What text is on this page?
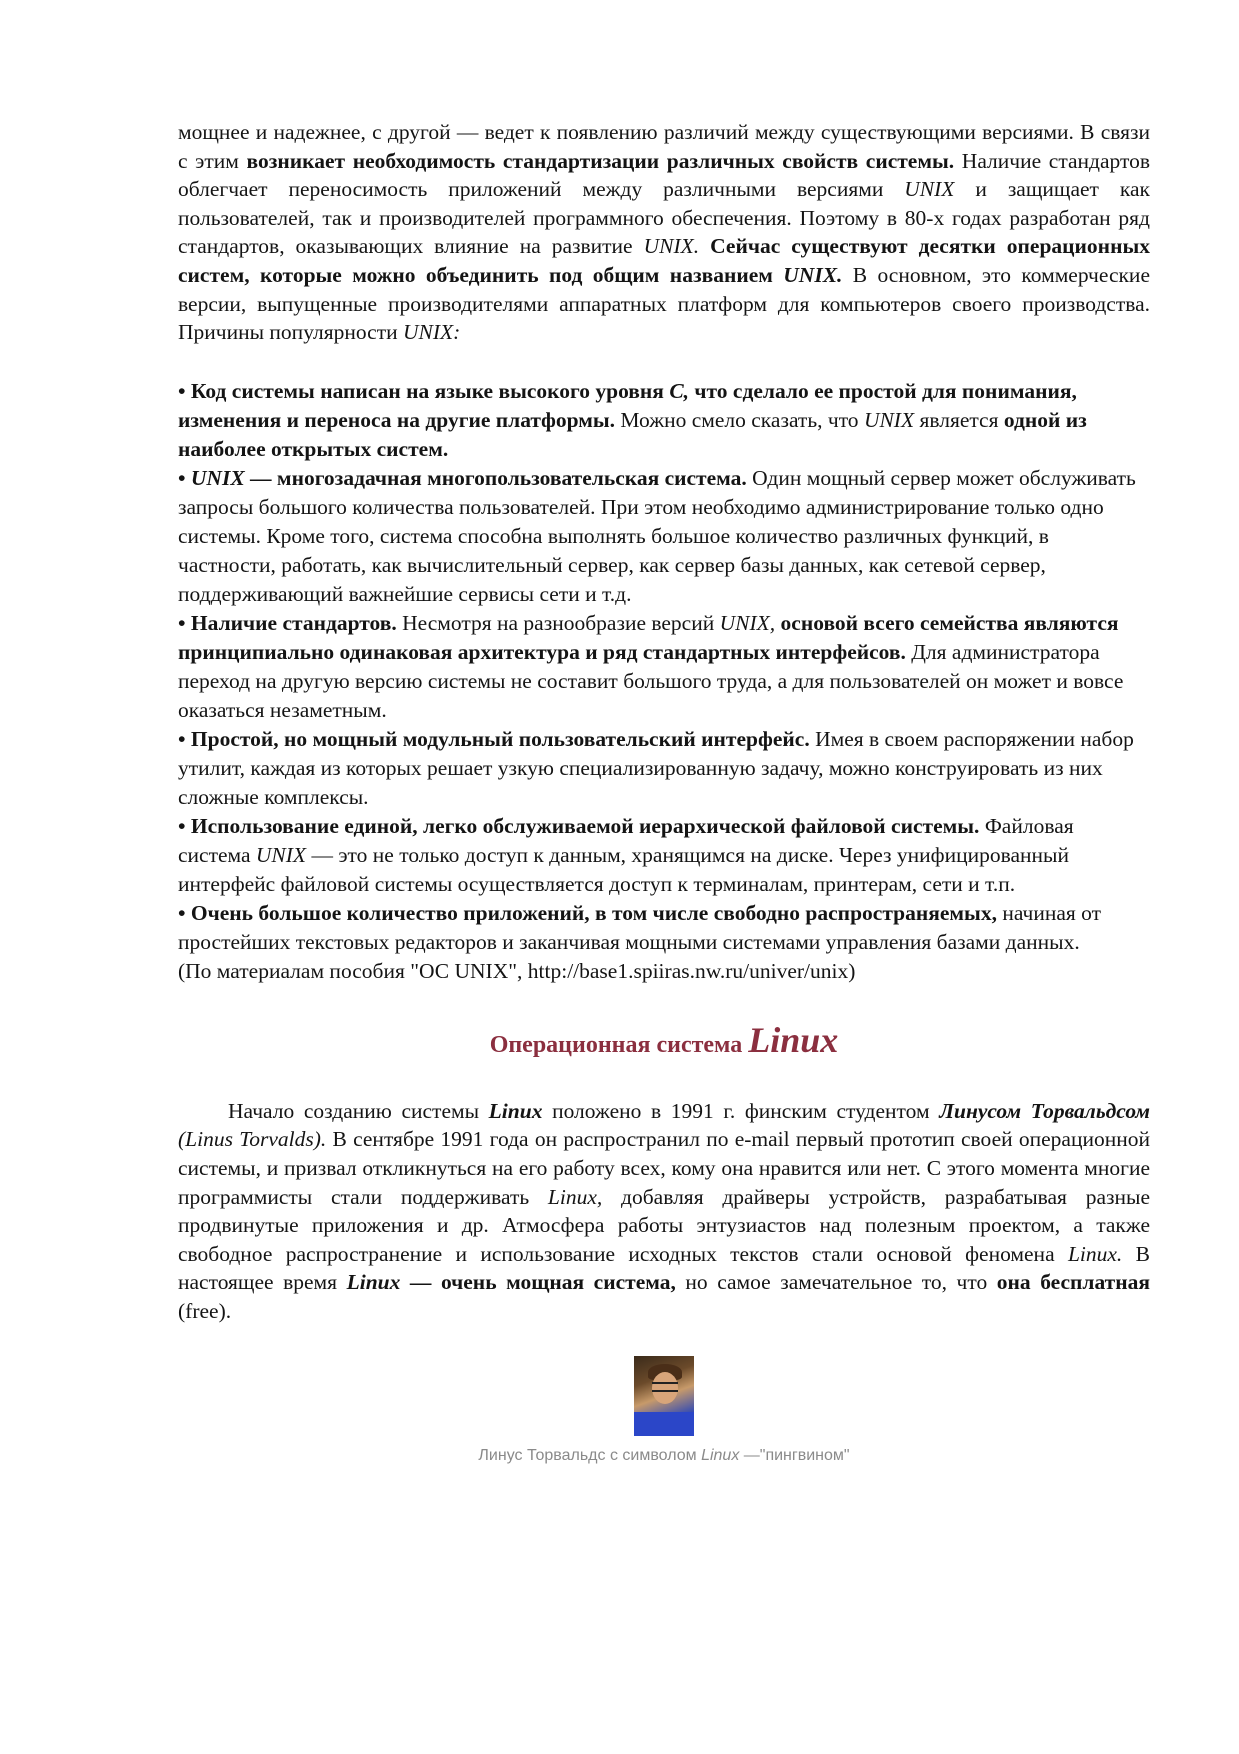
мощнее и надежнее, с другой — ведет к появлению различий между существующими версиями. В связи с этим возникает необходимость стандартизации различных свойств системы. Наличие стандартов облегчает переносимость приложений между различными версиями UNIX и защищает как пользователей, так и производителей программного обеспечения. Поэтому в 80-х годах разработан ряд стандартов, оказывающих влияние на развитие UNIX. Сейчас существуют десятки операционных систем, которые можно объединить под общим названием UNIX. В основном, это коммерческие версии, выпущенные производителями аппаратных платформ для компьютеров своего производства. Причины популярности UNIX:

• Код системы написан на языке высокого уровня C, что сделало ее простой для понимания, изменения и переноса на другие платформы. Можно смело сказать, что UNIX является одной из наиболее открытых систем.

• UNIX — многозадачная многопользовательская система. Один мощный сервер может обслуживать запросы большого количества пользователей. При этом необходимо администрирование только одно системы. Кроме того, система способна выполнять большое количество различных функций, в частности, работать, как вычислительный сервер, как сервер базы данных, как сетевой сервер, поддерживающий важнейшие сервисы сети и т.д.

• Наличие стандартов. Несмотря на разнообразие версий UNIX, основой всего семейства являются принципиально одинаковая архитектура и ряд стандартных интерфейсов. Для администратора переход на другую версию системы не составит большого труда, а для пользователей он может и вовсе оказаться незаметным.

• Простой, но мощный модульный пользовательский интерфейс. Имея в своем распоряжении набор утилит, каждая из которых решает узкую специализированную задачу, можно конструировать из них сложные комплексы.

• Использование единой, легко обслуживаемой иерархической файловой системы. Файловая система UNIX — это не только доступ к данным, хранящимся на диске. Через унифицированный интерфейс файловой системы осуществляется доступ к терминалам, принтерам, сети и т.п.

• Очень большое количество приложений, в том числе свободно распространяемых, начиная от простейших текстовых редакторов и заканчивая мощными системами управления базами данных.

(По материалам пособия "ОС UNIX", http://base1.spiiras.nw.ru/univer/unix)

Операционная система Linux

Начало созданию системы Linux положено в 1991 г. финским студентом Линусом Торвальдсом (Linus Torvalds). В сентябре 1991 года он распространил по e-mail первый прототип своей операционной системы, и призвал откликнуться на его работу всех, кому она нравится или нет. С этого момента многие программисты стали поддерживать Linux, добавляя драйверы устройств, разрабатывая разные продвинутые приложения и др. Атмосфера работы энтузиастов над полезным проектом, а также свободное распространение и использование исходных текстов стали основой феномена Linux. В настоящее время Linux — очень мощная система, но самое замечательное то, что она бесплатная (free).

Линус Торвальдс с символом Linux —"пингвином"
